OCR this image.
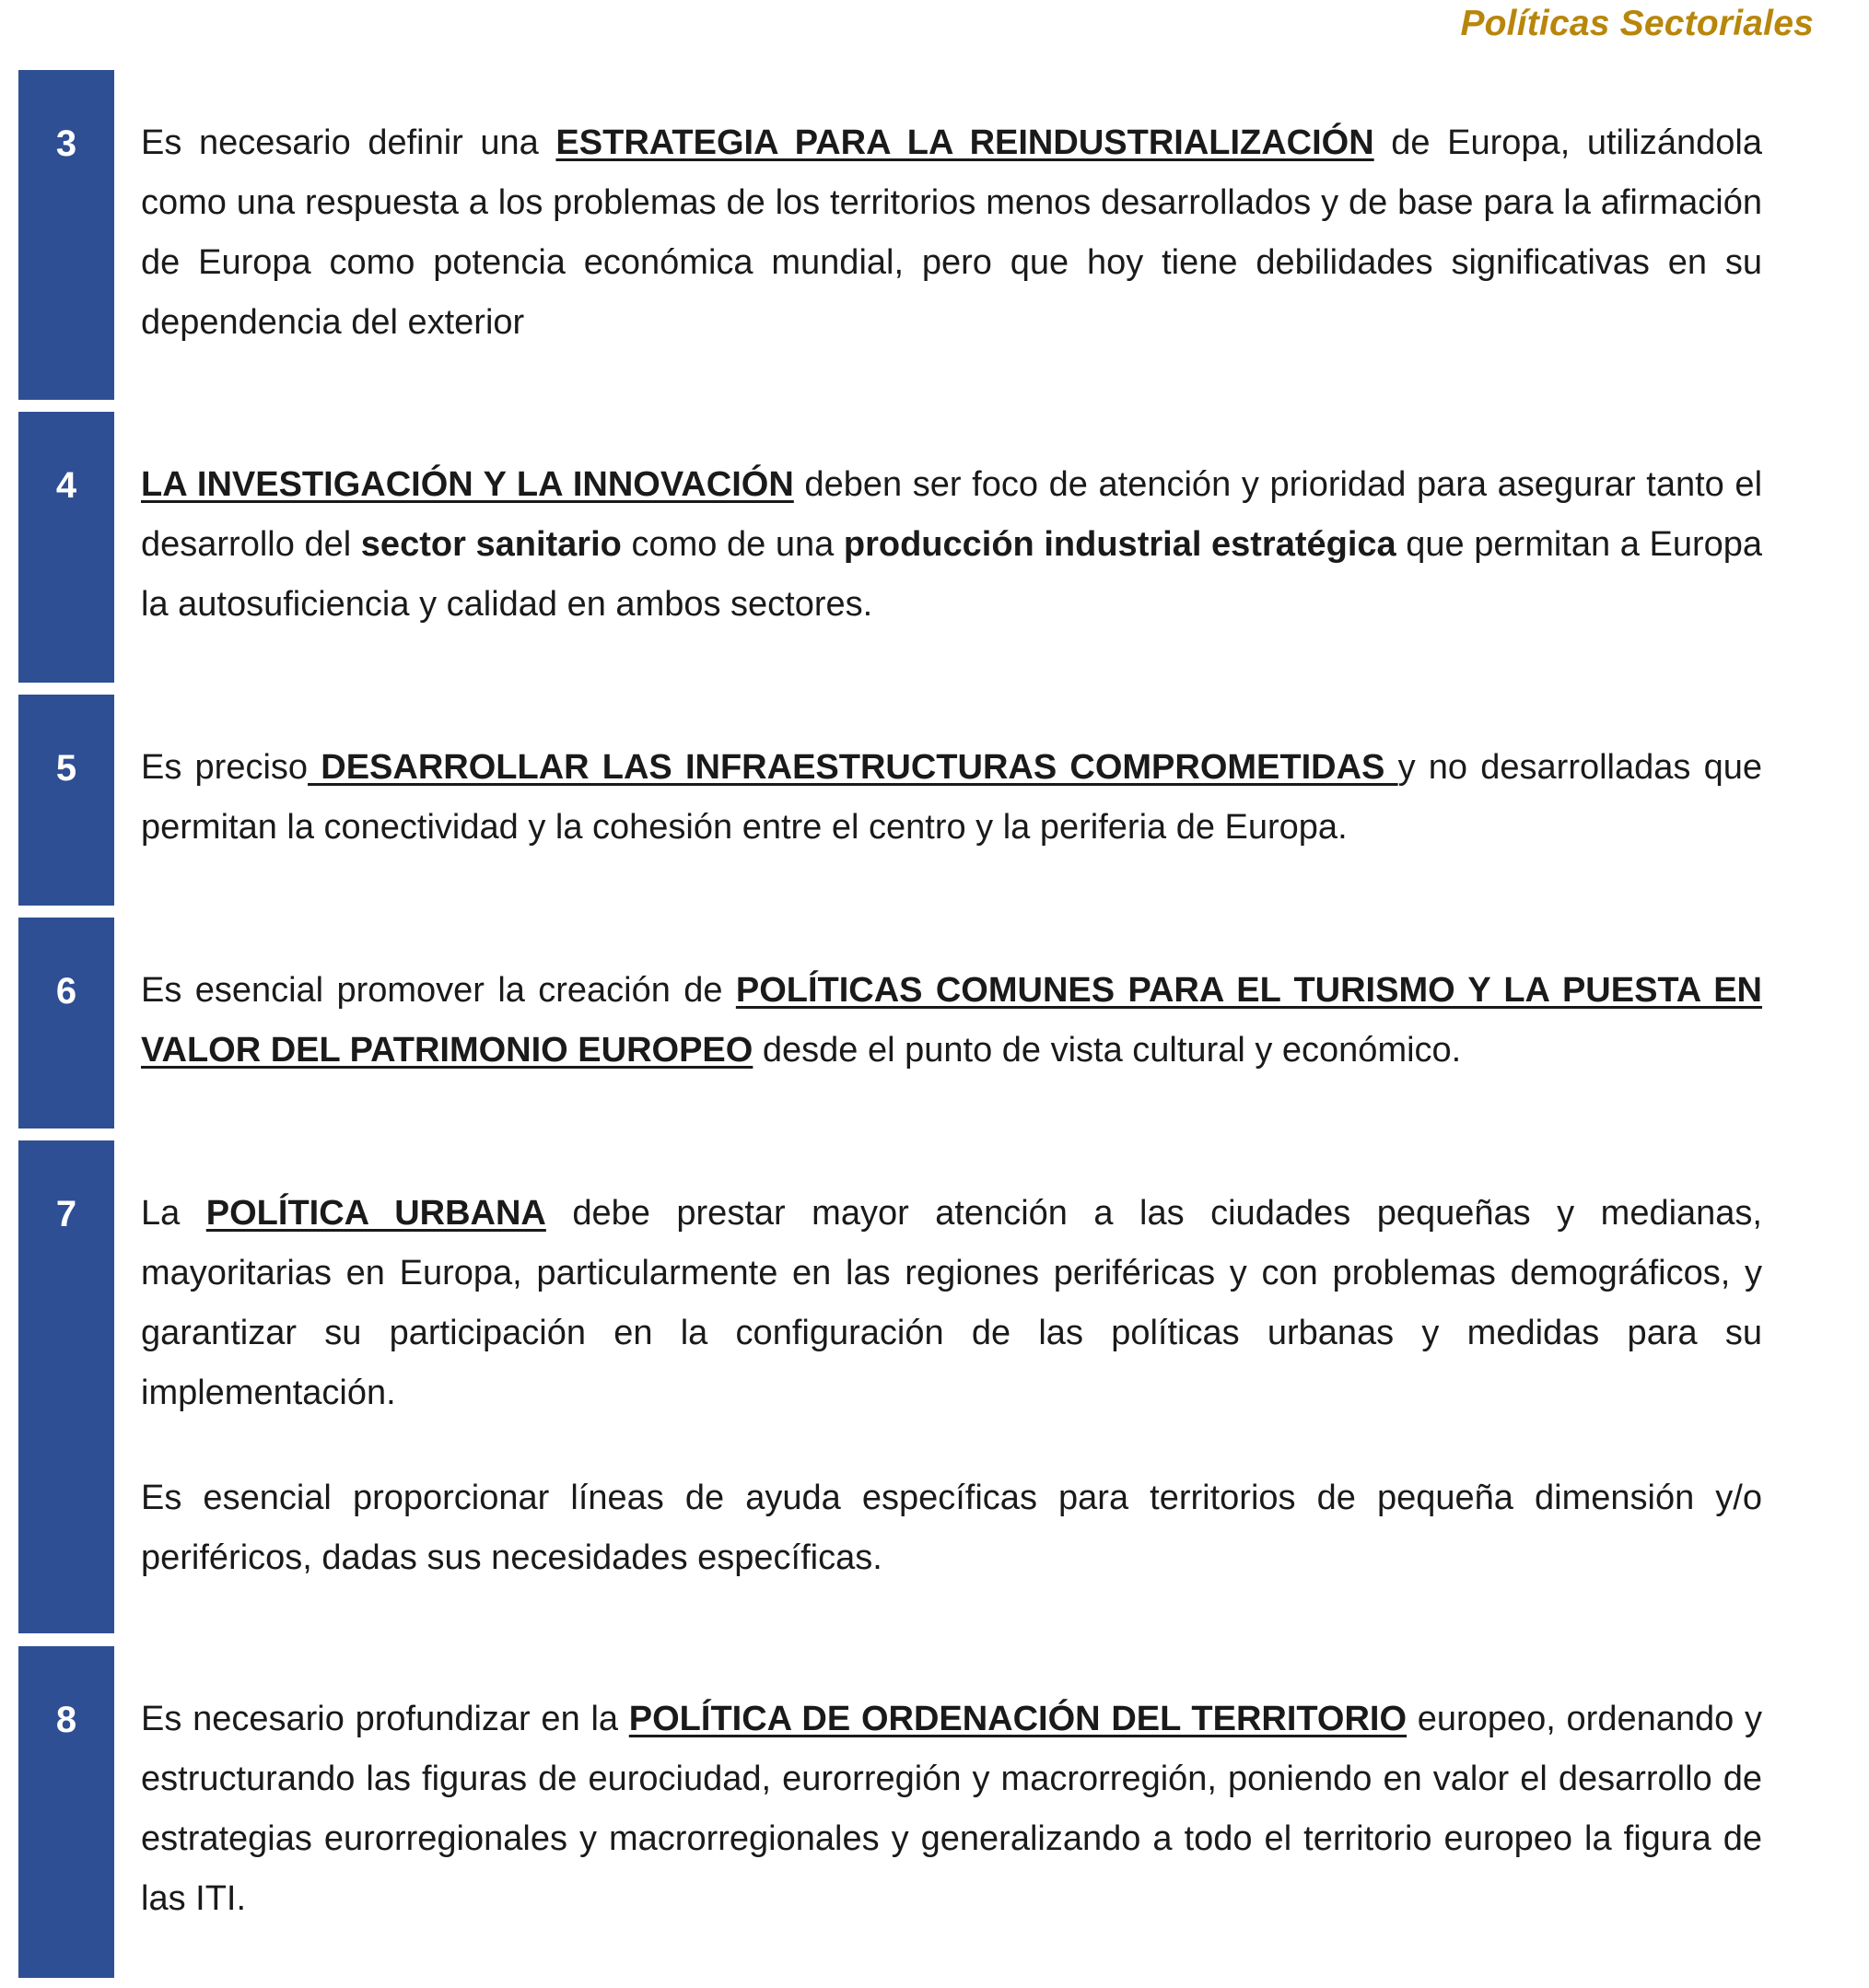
Políticas Sectoriales
3	Es necesario definir una ESTRATEGIA PARA LA REINDUSTRIALIZACIÓN de Europa, utilizándola como una respuesta a los problemas de los territorios menos desarrollados y de base para la afirmación de Europa como potencia económica mundial, pero que hoy tiene debilidades significativas en su dependencia del exterior

4	LA INVESTIGACIÓN Y LA INNOVACIÓN deben ser foco de atención y prioridad para asegurar tanto el desarrollo del sector sanitario como de una producción industrial estratégica que permitan a Europa la autosuficiencia y calidad en ambos sectores.

5	Es preciso DESARROLLAR LAS INFRAESTRUCTURAS COMPROMETIDAS y no desarrolladas que permitan la conectividad y la cohesión entre el centro y la periferia de Europa.

6	Es esencial promover la creación de POLÍTICAS COMUNES PARA EL TURISMO Y LA PUESTA EN VALOR DEL PATRIMONIO EUROPEO desde el punto de vista cultural y económico.

7	La POLÍTICA URBANA debe prestar mayor atención a las ciudades pequeñas y medianas, mayoritarias en Europa, particularmente en las regiones periféricas y con problemas demográficos, y garantizar su participación en la configuración de las políticas urbanas y medidas para su implementación.

Es esencial proporcionar líneas de ayuda específicas para territorios de pequeña dimensión y/o periféricos, dadas sus necesidades específicas.

8	Es necesario profundizar en la POLÍTICA DE ORDENACIÓN DEL TERRITORIO europeo, ordenando y estructurando las figuras de eurociudad, eurorregión y macrorregión, poniendo en valor el desarrollo de estrategias eurorregionales y macrorregionales y generalizando a todo el territorio europeo la figura de las ITI.
